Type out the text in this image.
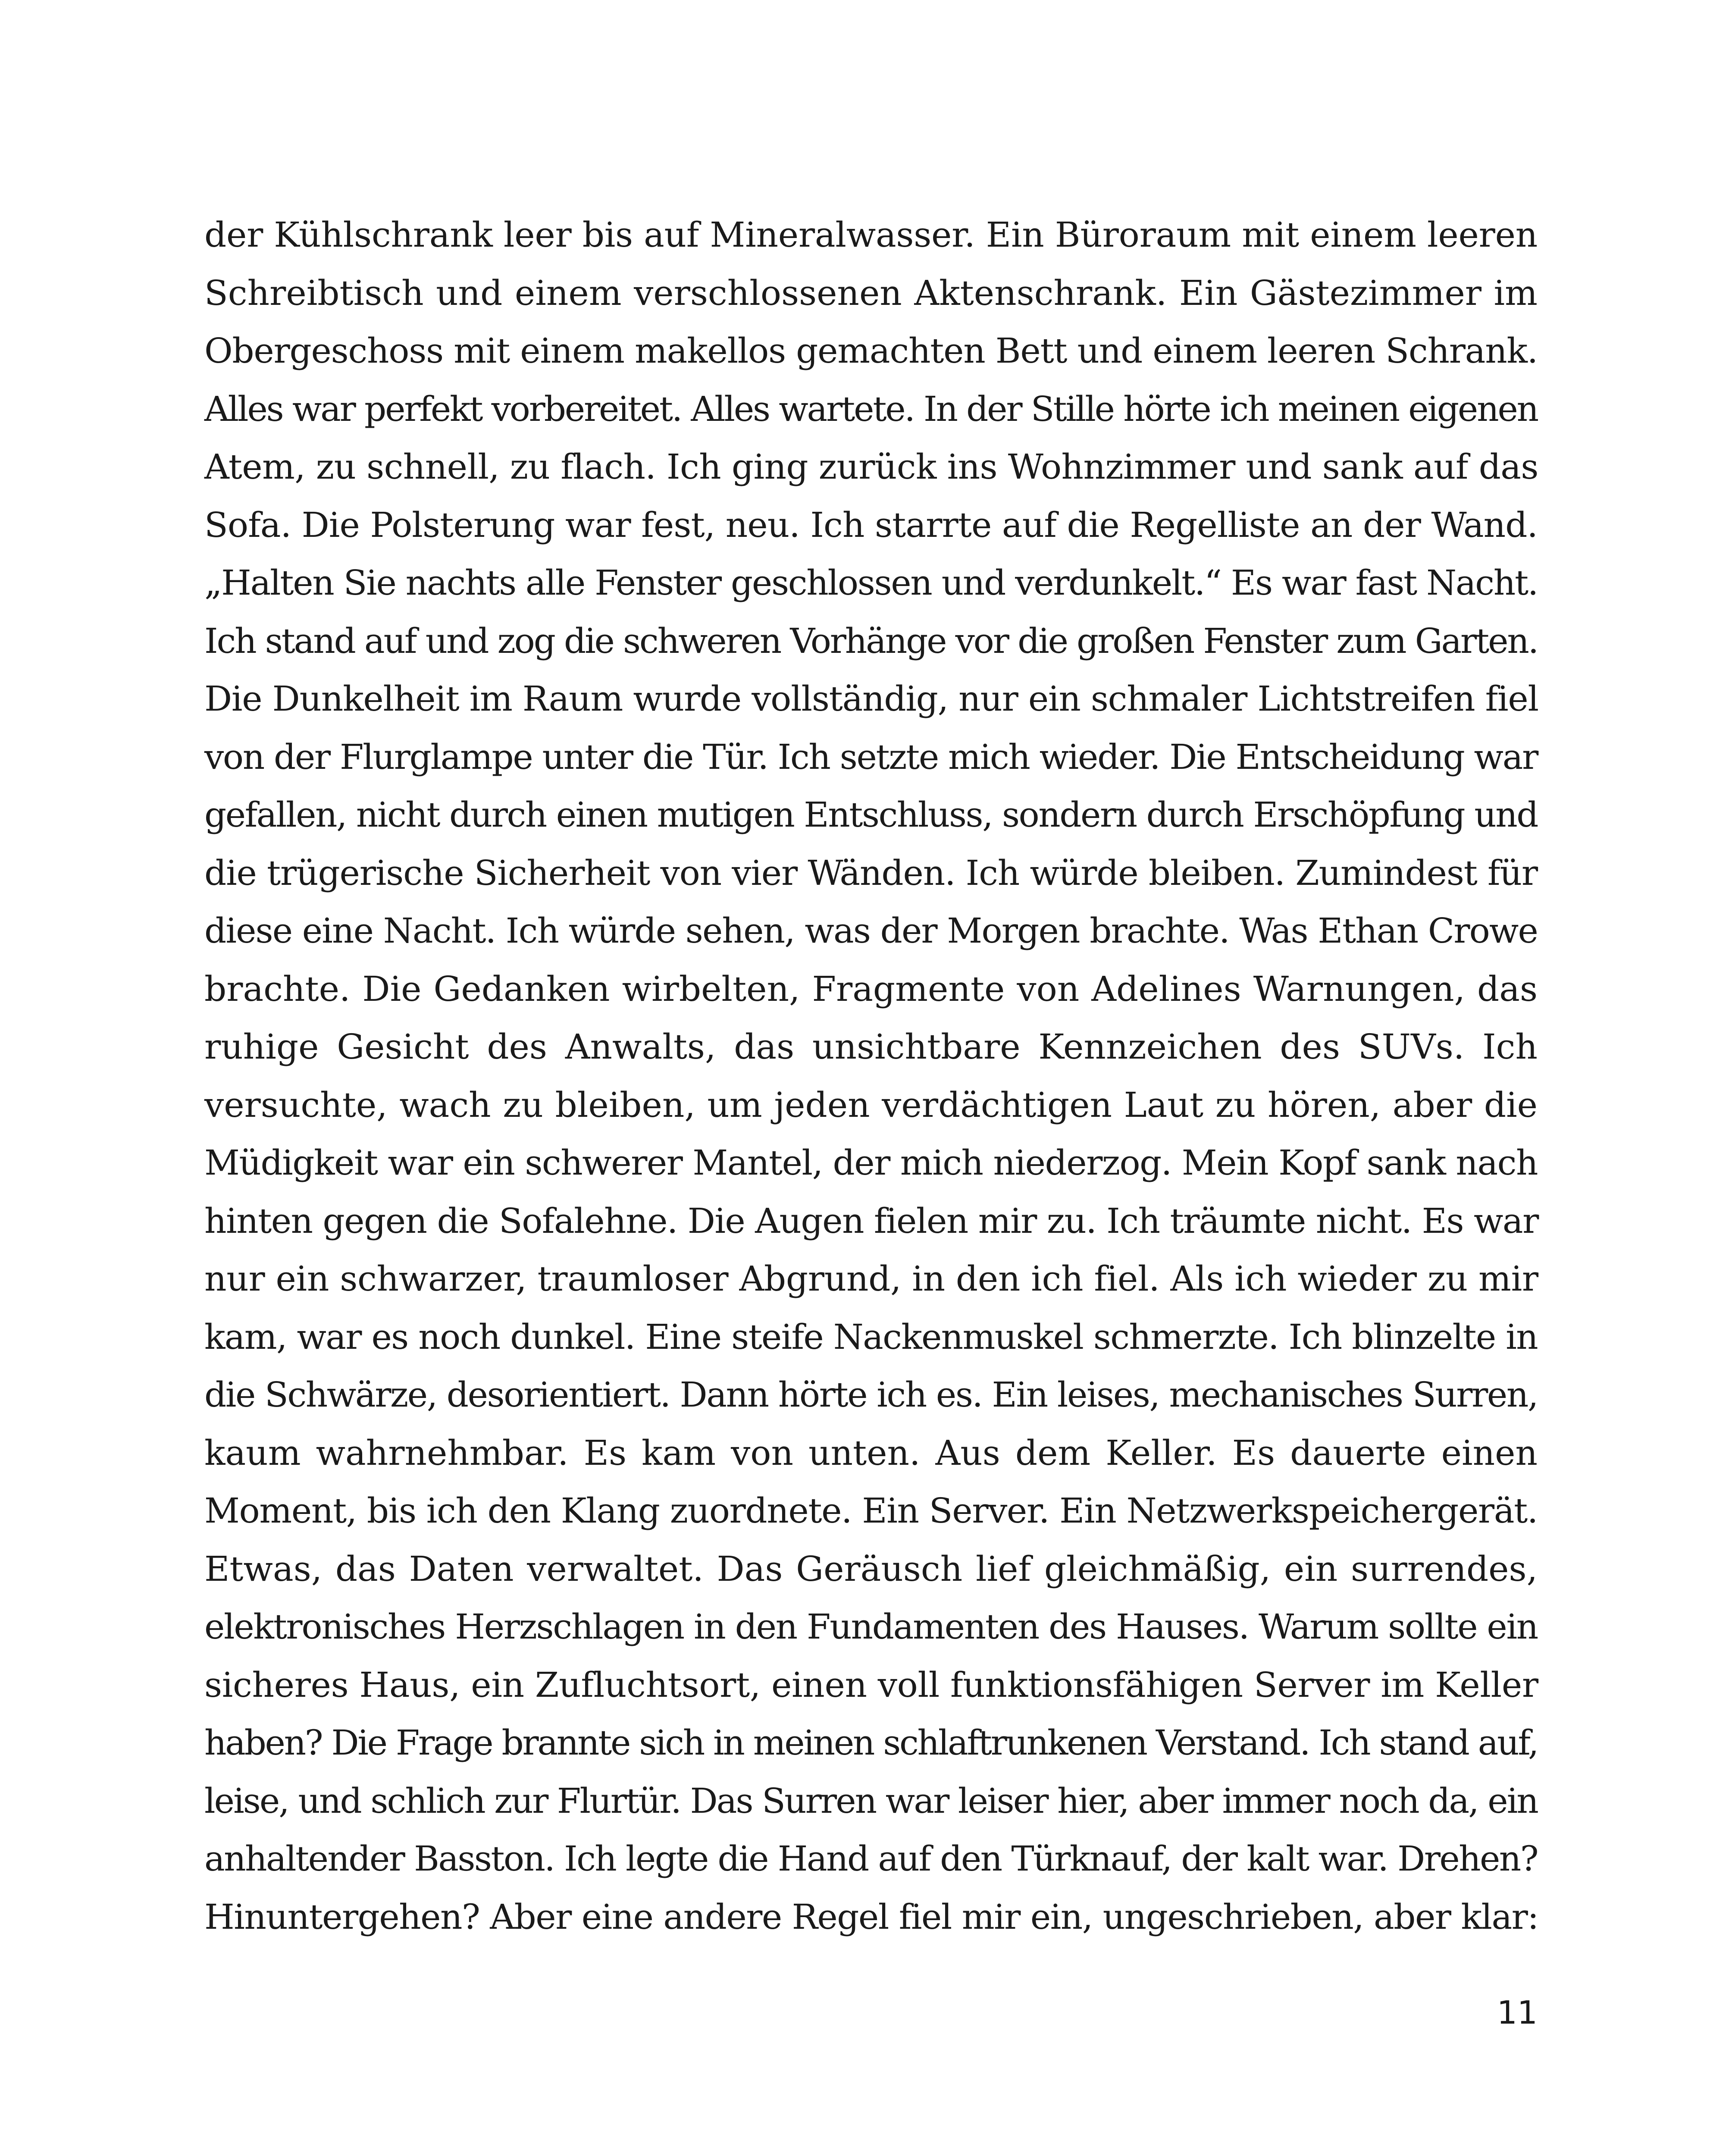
der Kühlschrank leer bis auf Mineralwasser. Ein Büroraum mit einem leeren
Schreibtisch und einem verschlossenen Aktenschrank. Ein Gästezimmer im
Obergeschoss mit einem makellos gemachten Bett und einem leeren Schrank.
Alles war perfekt vorbereitet. Alles wartete. In der Stille hörte ich meinen eigenen
Atem, zu schnell, zu flach. Ich ging zurück ins Wohnzimmer und sank auf das
Sofa. Die Polsterung war fest, neu. Ich starrte auf die Regelliste an der Wand.
„Halten Sie nachts alle Fenster geschlossen und verdunkelt.“ Es war fast Nacht.
Ich stand auf und zog die schweren Vorhänge vor die großen Fenster zum Garten.
Die Dunkelheit im Raum wurde vollständig, nur ein schmaler Lichtstreifen fiel
von der Flurglampe unter die Tür. Ich setzte mich wieder. Die Entscheidung war
gefallen, nicht durch einen mutigen Entschluss, sondern durch Erschöpfung und
die trügerische Sicherheit von vier Wänden. Ich würde bleiben. Zumindest für
diese eine Nacht. Ich würde sehen, was der Morgen brachte. Was Ethan Crowe
brachte. Die Gedanken wirbelten, Fragmente von Adelines Warnungen, das
ruhige Gesicht des Anwalts, das unsichtbare Kennzeichen des SUVs. Ich
versuchte, wach zu bleiben, um jeden verdächtigen Laut zu hören, aber die
Müdigkeit war ein schwerer Mantel, der mich niederzog. Mein Kopf sank nach
hinten gegen die Sofalehne. Die Augen fielen mir zu. Ich träumte nicht. Es war
nur ein schwarzer, traumloser Abgrund, in den ich fiel. Als ich wieder zu mir
kam, war es noch dunkel. Eine steife Nackenmuskel schmerzte. Ich blinzelte in
die Schwärze, desorientiert. Dann hörte ich es. Ein leises, mechanisches Surren,
kaum wahrnehmbar. Es kam von unten. Aus dem Keller. Es dauerte einen
Moment, bis ich den Klang zuordnete. Ein Server. Ein Netzwerkspeichergerät.
Etwas, das Daten verwaltet. Das Geräusch lief gleichmäßig, ein surrendes,
elektronisches Herzschlagen in den Fundamenten des Hauses. Warum sollte ein
sicheres Haus, ein Zufluchtsort, einen voll funktionsfähigen Server im Keller
haben? Die Frage brannte sich in meinen schlaftrunkenen Verstand. Ich stand auf,
leise, und schlich zur Flurtür. Das Surren war leiser hier, aber immer noch da, ein
anhaltender Basston. Ich legte die Hand auf den Türknauf, der kalt war. Drehen?
Hinuntergehen? Aber eine andere Regel fiel mir ein, ungeschrieben, aber klar:
11
